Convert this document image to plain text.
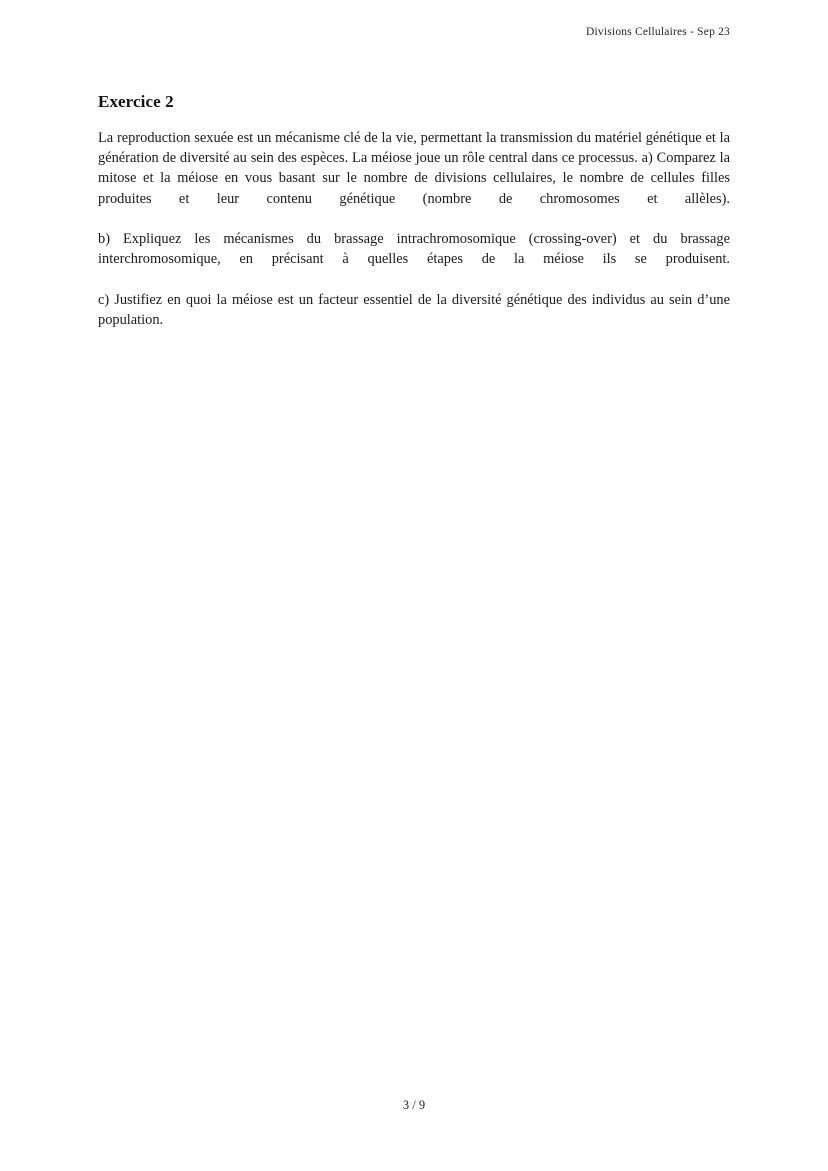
Divisions Cellulaires - Sep 23
Exercice 2

La reproduction sexuée est un mécanisme clé de la vie, permettant la transmission du matériel génétique et la génération de diversité au sein des espèces. La méiose joue un rôle central dans ce processus. a) Comparez la mitose et la méiose en vous basant sur le nombre de divisions cellulaires, le nombre de cellules filles produites et leur contenu génétique (nombre de chromosomes et allèles).

b) Expliquez les mécanismes du brassage intrachromosomique (crossing-over) et du brassage interchromosomique, en précisant à quelles étapes de la méiose ils se produisent.

c) Justifiez en quoi la méiose est un facteur essentiel de la diversité génétique des individus au sein d’une population.

3 / 9
